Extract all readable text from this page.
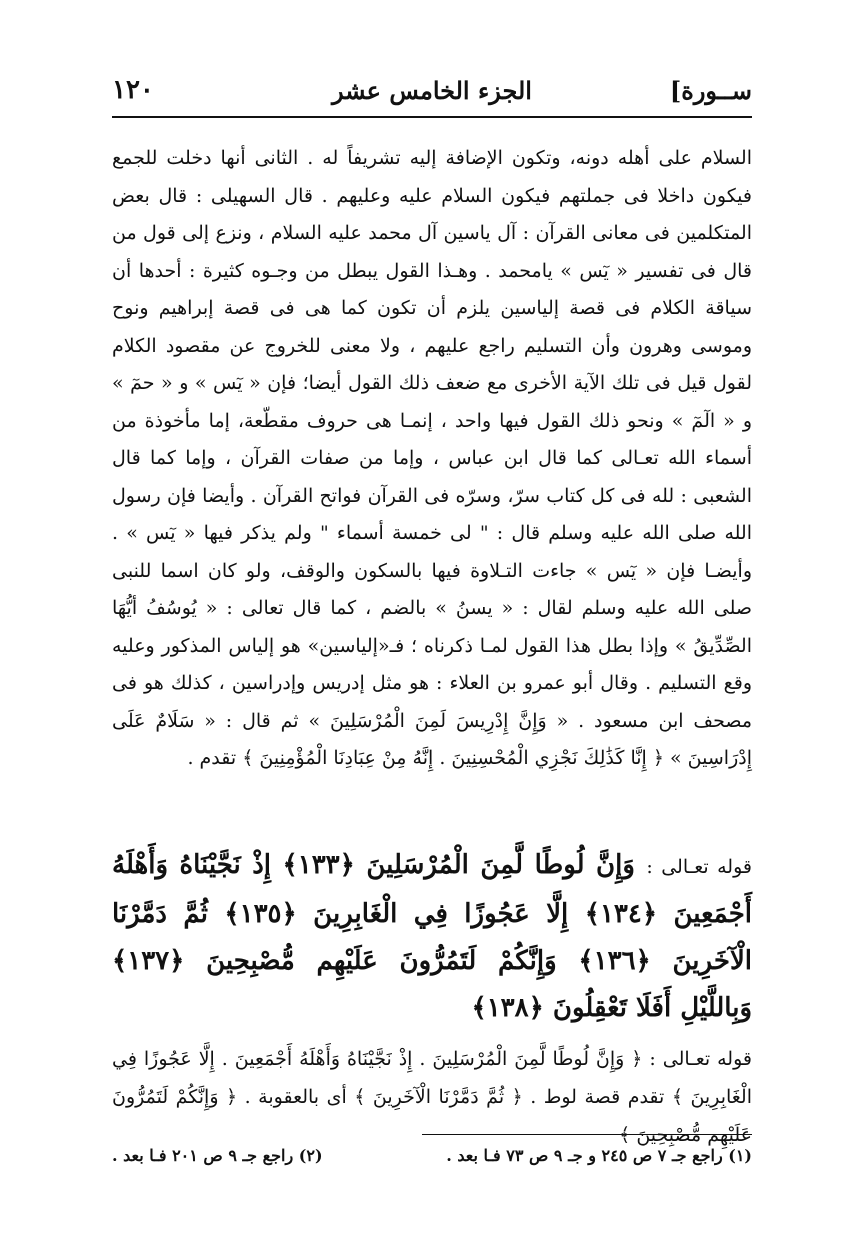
١٢٠	الجزء الخامس عشر	[ســورة

السلام على أهله دونه، وتكون الإضافة إليه تشريفاً له . الثانى أنها دخلت للجمع فيكون داخلا فى جملتهم فيكون السلام عليه وعليهم . قال السهيلى : قال بعض المتكلمين فى معانى القرآن : آل ياسين آل محمد عليه السلام ، ونزع إلى قول من قال فى تفسير « يٓس » يامحمد . وهـذا القول يبطل من وجـوه كثيرة : أحدها أن سياقة الكلام فى قصة إلياسين يلزم أن تكون كما هى فى قصة إبراهيم ونوح وموسى وهرون وأن التسليم راجع عليهم ، ولا معنى للخروج عن مقصود الكلام لقول قيل فى تلك الآية الأخرى مع ضعف ذلك القول أيضا؛ فإن « يٓس » و « حمٓ » و « الٓمٓ » ونحو ذلك القول فيها واحد ، إنمـا هى حروف مقطّعة، إما مأخوذة من أسماء الله تعـالى كما قال ابن عباس ، وإما من صفات القرآن ، وإما كما قال الشعبى : لله فى كل كتاب سرّ، وسرّه فى القرآن فواتح القرآن . وأيضا فإن رسول الله صلى الله عليه وسلم قال : " لى خمسة أسماء " ولم يذكر فيها « يٓس » . وأيضـا فإن « يٓس » جاءت التـلاوة فيها بالسكون والوقف، ولو كان اسما للنبى صلى الله عليه وسلم لقال : « يسنُ » بالضم ، كما قال تعالى : « يُوسُفُ أيُّهَا الصِّدِّيقُ » وإذا بطل هذا القول لمـا ذكرناه ؛ فـ«إلياسين» هو إلياس المذكور وعليه وقع التسليم . وقال أبو عمرو بن العلاء : هو مثل إدريس وإدراسين ، كذلك هو فى مصحف ابن مسعود . « وَإِنَّ إِدْرِيسَ لَمِنَ الْمُرْسَلِينَ » ثم قال : « سَلَامٌ عَلَى إِدْرَاسِينَ » ﴿ إِنَّا كَذَٰلِكَ نَجْزِي الْمُحْسِنِينَ . إِنَّهُ مِنْ عِبَادِنَا الْمُؤْمِنِينَ ﴾ تقدم .

قوله تعـالى : وَإِنَّ لُوطًا لَّمِنَ الْمُرْسَلِينَ ﴿١٣٣﴾ إِذْ نَجَّيْنَاهُ وَأَهْلَهُ أَجْمَعِينَ ﴿١٣٤﴾ إِلَّا عَجُوزًا فِي الْغَابِرِينَ ﴿١٣٥﴾ ثُمَّ دَمَّرْنَا الْآخَرِينَ ﴿١٣٦﴾ وَإِنَّكُمْ لَتَمُرُّونَ عَلَيْهِم مُّصْبِحِينَ ﴿١٣٧﴾ وَبِاللَّيْلِ أَفَلَا تَعْقِلُونَ ﴿١٣٨﴾

قوله تعـالى : ﴿ وَإِنَّ لُوطًا لَّمِنَ الْمُرْسَلِينَ . إِذْ نَجَّيْنَاهُ وَأَهْلَهُ أَجْمَعِينَ . إِلَّا عَجُوزًا فِي الْغَابِرِينَ ﴾ تقدم قصة لوط . ﴿ ثُمَّ دَمَّرْنَا الْآخَرِينَ ﴾ أى بالعقوبة . ﴿ وَإِنَّكُمْ لَتَمُرُّونَ عَلَيْهِم مُّصْبِحِينَ ﴾

(١) راجع جـ ٧ ص ٢٤٥ و جـ ٩ ص ٧٣ فـا بعد .
(٢) راجع جـ ٩ ص ٢٠١ فـا بعد .
